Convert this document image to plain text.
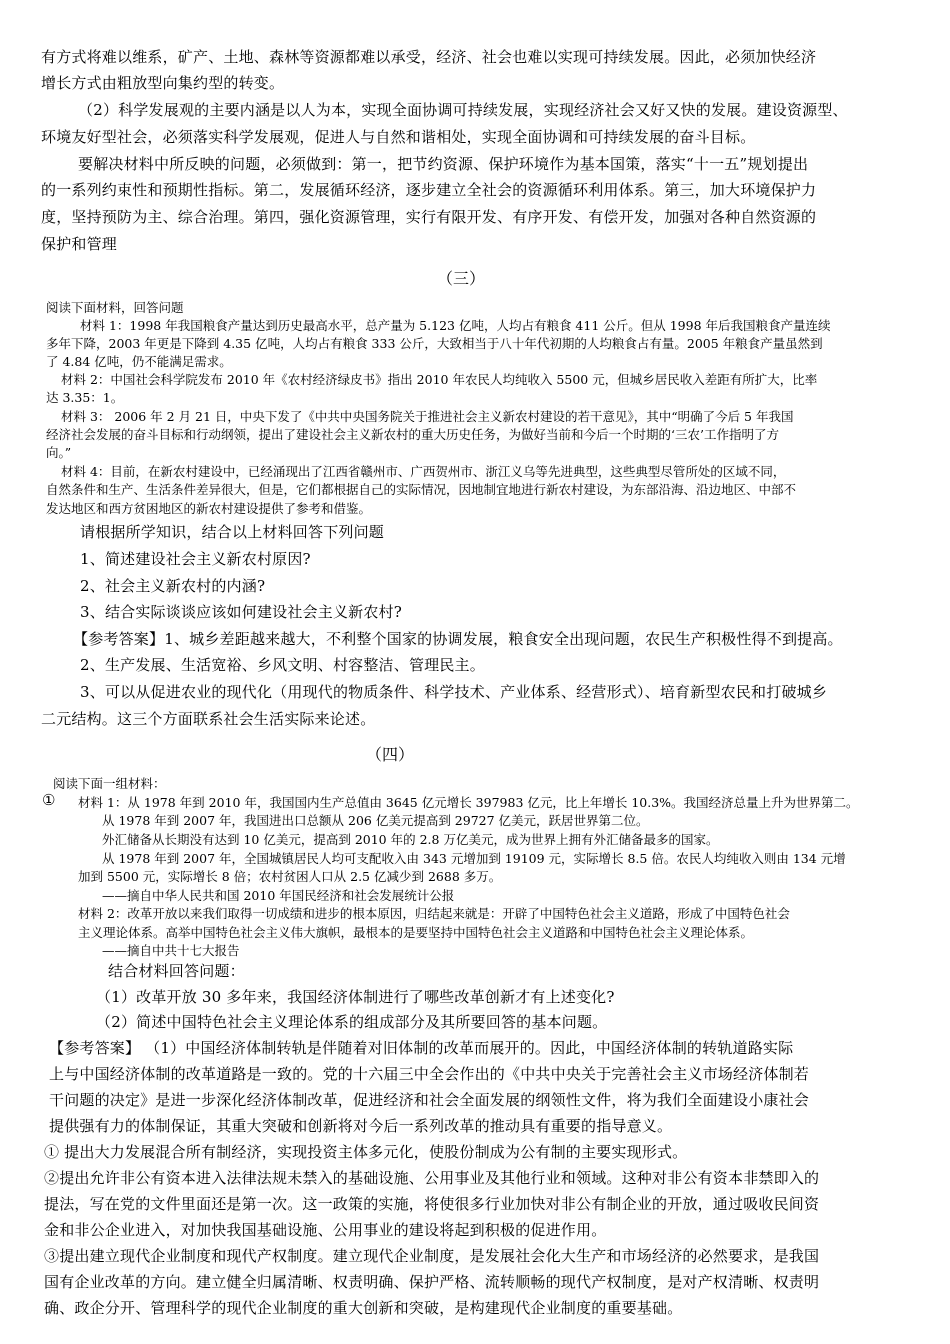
有方式将难以维系，矿产、土地、森林等资源都难以承受，经济、社会也难以实现可持续发展。因此，必须加快经济
增长方式由粗放型向集约型的转变。
（2）科学发展观的主要内涵是以人为本，实现全面协调可持续发展，实现经济社会又好又快的发展。建设资源型、
环境友好型社会，必须落实科学发展观，促进人与自然和谐相处，实现全面协调和可持续发展的奋斗目标。
要解决材料中所反映的问题，必须做到：第一，把节约资源、保护环境作为基本国策，落实“十一五”规划提出
的一系列约束性和预期性指标。第二，发展循环经济，逐步建立全社会的资源循环利用体系。第三，加大环境保护力
度，坚持预防为主、综合治理。第四，强化资源管理，实行有限开发、有序开发、有偿开发，加强对各种自然资源的
保护和管理
（三）
阅读下面材料，回答问题
材料 1：1998 年我国粮食产量达到历史最高水平，总产量为 5.123 亿吨，人均占有粮食 411 公斤。但从 1998 年后我国粮食产量连续
多年下降，2003 年更是下降到 4.35 亿吨，人均占有粮食 333 公斤，大致相当于八十年代初期的人均粮食占有量。2005 年粮食产量虽然到
了 4.84 亿吨，仍不能满足需求。
材料 2：中国社会科学院发布 2010 年《农村经济绿皮书》指出 2010 年农民人均纯收入 5500 元，但城乡居民收入差距有所扩大，比率
达 3.35：1。
材料 3： 2006 年 2 月 21 日，中央下发了《中共中央国务院关于推进社会主义新农村建设的若干意见》，其中“明确了今后 5 年我国
经济社会发展的奋斗目标和行动纲领，提出了建设社会主义新农村的重大历史任务，为做好当前和今后一个时期的‘三农’工作指明了方
向。”
材料 4：目前，在新农村建设中，已经涌现出了江西省赣州市、广西贺州市、浙江义乌等先进典型，这些典型尽管所处的区域不同，
自然条件和生产、生活条件差异很大，但是，它们都根据自己的实际情况，因地制宜地进行新农村建设，为东部沿海、沿边地区、中部不
发达地区和西方贫困地区的新农村建设提供了参考和借鉴。
请根据所学知识，结合以上材料回答下列问题
1、简述建设社会主义新农村原因?
2、社会主义新农村的内涵?
3、结合实际谈谈应该如何建设社会主义新农村?
【参考答案】1、城乡差距越来越大，不利整个国家的协调发展，粮食安全出现问题，农民生产积极性得不到提高。
2、生产发展、生活宽裕、乡风文明、村容整洁、管理民主。
3、可以从促进农业的现代化（用现代的物质条件、科学技术、产业体系、经营形式）、培育新型农民和打破城乡
二元结构。这三个方面联系社会生活实际来论述。
（四）
阅读下面一组材料：
① 材料 1：从 1978 年到 2010 年，我国国内生产总值由 3645 亿元增长 397983 亿元，比上年增长 10.3%。我国经济总量上升为世界第二。
从 1978 年到 2007 年，我国进出口总额从 206 亿美元提高到 29727 亿美元，跃居世界第二位。
外汇储备从长期没有达到 10 亿美元，提高到 2010 年的 2.8 万亿美元，成为世界上拥有外汇储备最多的国家。
从 1978 年到 2007 年，全国城镇居民人均可支配收入由 343 元增加到 19109 元，实际增长 8.5 倍。农民人均纯收入则由 134 元增
加到 5500 元，实际增长 8 倍；农村贫困人口从 2.5 亿减少到 2688 多万。
——摘自中华人民共和国 2010 年国民经济和社会发展统计公报
材料 2：改革开放以来我们取得一切成绩和进步的根本原因，归结起来就是：开辟了中国特色社会主义道路，形成了中国特色社会
主义理论体系。高举中国特色社会主义伟大旗帜，最根本的是要坚持中国特色社会主义道路和中国特色社会主义理论体系。
——摘自中共十七大报告
结合材料回答问题：
（1）改革开放 30 多年来，我国经济体制进行了哪些改革创新才有上述变化?
（2）简述中国特色社会主义理论体系的组成部分及其所要回答的基本问题。
【参考答案】 （1）中国经济体制转轨是伴随着对旧体制的改革而展开的。因此，中国经济体制的转轨道路实际
上与中国经济体制的改革道路是一致的。党的十六届三中全会作出的《中共中央关于完善社会主义市场经济体制若
干问题的决定》是进一步深化经济体制改革，促进经济和社会全面发展的纲领性文件，将为我们全面建设小康社会
提供强有力的体制保证，其重大突破和创新将对今后一系列改革的推动具有重要的指导意义。
① 提出大力发展混合所有制经济，实现投资主体多元化，使股份制成为公有制的主要实现形式。
②提出允许非公有资本进入法律法规未禁入的基础设施、公用事业及其他行业和领域。这种对非公有资本非禁即入的
提法，写在党的文件里面还是第一次。这一政策的实施，将使很多行业加快对非公有制企业的开放，通过吸收民间资
金和非公企业进入，对加快我国基础设施、公用事业的建设将起到积极的促进作用。
③提出建立现代企业制度和现代产权制度。建立现代企业制度，是发展社会化大生产和市场经济的必然要求，是我国
国有企业改革的方向。建立健全归属清晰、权责明确、保护严格、流转顺畅的现代产权制度，是对产权清晰、权责明
确、政企分开、管理科学的现代企业制度的重大创新和突破，是构建现代企业制度的重要基础。
